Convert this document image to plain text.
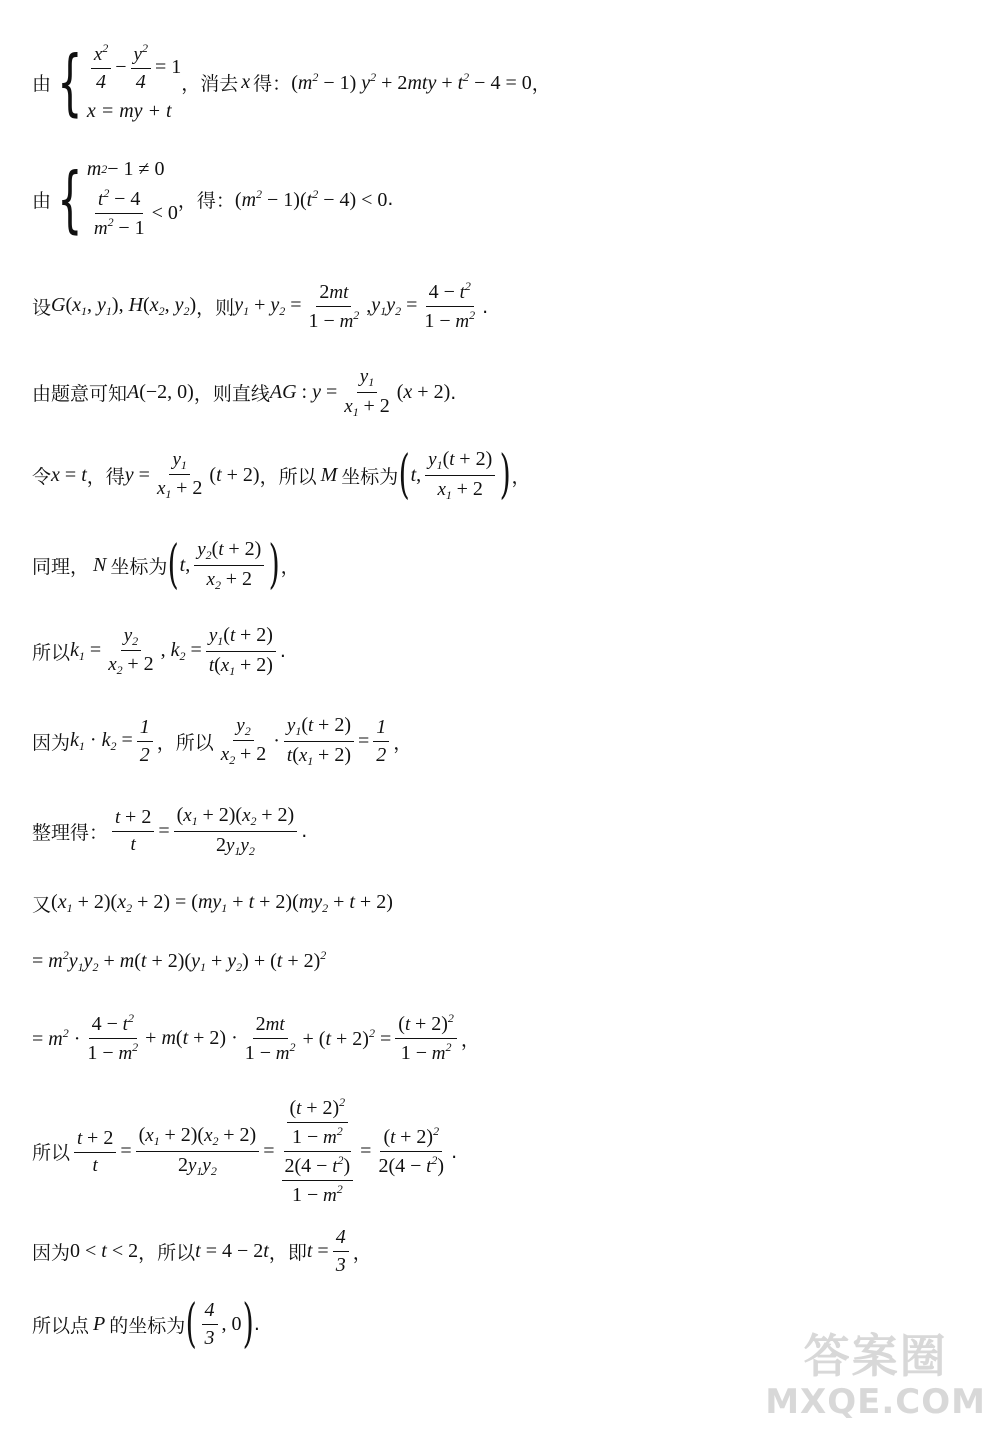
由 { $\frac{x^2}{4} - \frac{y^2}{4} = 1$
x = my + t
，消去 x 得： $(m^2 - 1) y^2 + 2mty + t^2 - 4 = 0$ ，
由 { m 2 − 1 ≠ 0
$\frac{t^2 - 4}{m^2 - 1} < 0$
，得： $(m^2 - 1)(t^2 - 4) < 0$ .
设 $G(x_1$, $y_1$), $H(x_2$, $y_2$) ，则 $y_1 + y_2 = \frac{2mt}{1 - m^2}$ , $y_1y_2 = \frac{4 - t^2}{1 - m^2}$ .
由题意可知 A(−2, 0) ，则直线 AG : $y = \frac{y_1}{x_1 + 2} (x + 2)$ .
令 x = t ，得 $y = \frac{y_1}{x_1 + 2} (t + 2)$ ，所以 M 坐标为 ( t, $\frac{y_1(t + 2)}{x_1 + 2}$ ) ，
同理， N 坐标为 ( t, $\frac{y_2(t + 2)}{x_2 + 2}$ ) ，
所以 $k_1 = \frac{y_2}{x_2 + 2}$ , $k_2 = \frac{y_1(t + 2)}{t(x_1 + 2)}$ .
因为 $k_1 \cdot k_2 = \frac{1}{2}$ ，所以 $\frac{y_2}{x_2 + 2} \cdot \frac{y_1(t + 2)}{t(x_1 + 2)} = \frac{1}{2}$ ，
整理得： $\frac{t + 2}{t} = \frac{(x_1 + 2)(x_2 + 2)}{2y_1y_2}$ .
又 $(x_1 + 2)(x_2 + 2) = (my_1 + t + 2)(my_2 + t + 2)$
= $m^2y_1y_2 + m(t + 2)(y_1 + y_2) + (t + 2)^2$
= $m^2 \cdot \frac{4 - t^2}{1 - m^2} + m(t + 2) \cdot \frac{2mt}{1 - m^2} + (t + 2)^2 = \frac{(t + 2)^2}{1 - m^2}$ ，
所以 $\frac{t + 2}{t} = \frac{(x_1 + 2)(x_2 + 2)}{2y_1y_2} = \frac{\frac{(t + 2)^2}{1 - m^2}}{\frac{2(4 - t^2)}{1 - m^2}} = \frac{(t + 2)^2}{2(4 - t^2)}$ .
因为 0 < t < 2 ，所以 t = 4 − 2t ，即 $t = \frac{4}{3}$ ，
所以点 P 的坐标为 ( $\frac{4}{3}$ , 0 ) .
答案圈
MXQE.COM
